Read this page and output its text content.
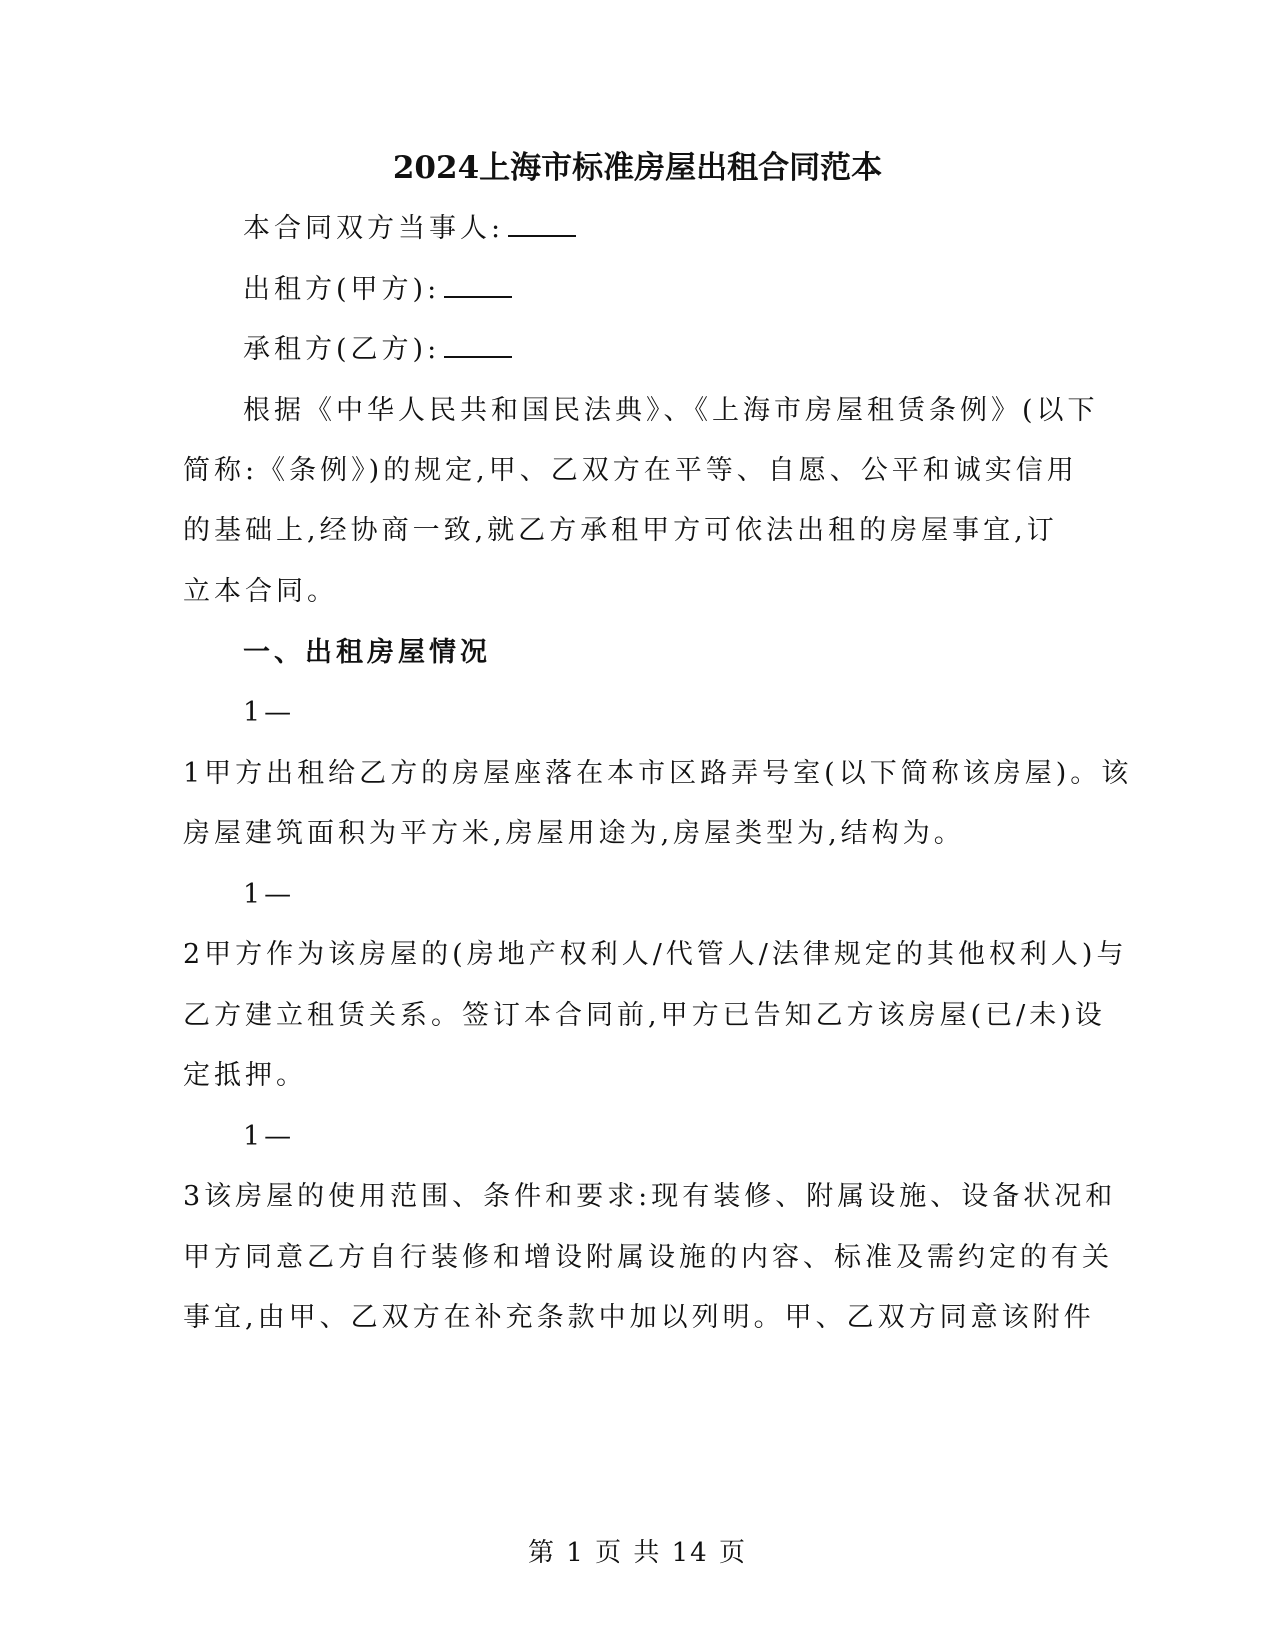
2024上海市标准房屋出租合同范本
本合同双方当事人:
出租方(甲方):
承租方(乙方):
根据《中华人民共和国民法典》、《上海市房屋租赁条例》(以下
简称:《条例》)的规定,甲、乙双方在平等、自愿、公平和诚实信用
的基础上,经协商一致,就乙方承租甲方可依法出租的房屋事宜,订
立本合同。
一、出租房屋情况
1—
1甲方出租给乙方的房屋座落在本市区路弄号室(以下简称该房屋)。该
房屋建筑面积为平方米,房屋用途为,房屋类型为,结构为。
1—
2甲方作为该房屋的(房地产权利人/代管人/法律规定的其他权利人)与
乙方建立租赁关系。签订本合同前,甲方已告知乙方该房屋(已/未)设
定抵押。
1—
3该房屋的使用范围、条件和要求:现有装修、附属设施、设备状况和
甲方同意乙方自行装修和增设附属设施的内容、标准及需约定的有关
事宜,由甲、乙双方在补充条款中加以列明。甲、乙双方同意该附件
第 1 页 共 14 页
